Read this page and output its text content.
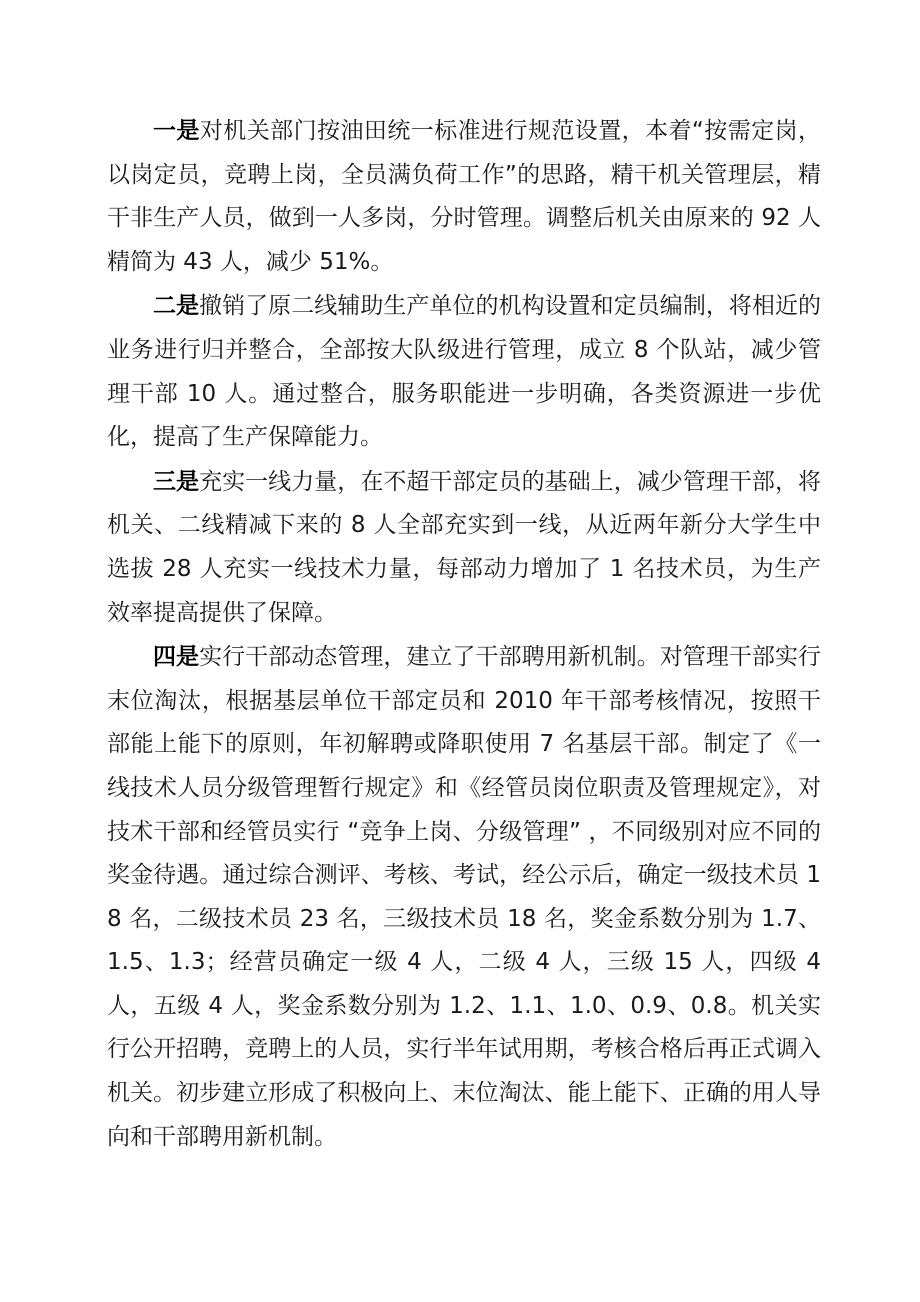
一是对机关部门按油田统一标准进行规范设置，本着“按需定岗，以岗定员，竞聘上岗，全员满负荷工作”的思路，精干机关管理层，精干非生产人员，做到一人多岗，分时管理。调整后机关由原来的 92 人精简为 43 人，减少 51%。

二是撤销了原二线辅助生产单位的机构设置和定员编制，将相近的业务进行归并整合，全部按大队级进行管理，成立 8 个队站，减少管理干部 10 人。通过整合，服务职能进一步明确，各类资源进一步优化，提高了生产保障能力。

三是充实一线力量，在不超干部定员的基础上，减少管理干部，将机关、二线精减下来的 8 人全部充实到一线，从近两年新分大学生中选拔 28 人充实一线技术力量，每部动力增加了 1 名技术员，为生产效率提高提供了保障。

四是实行干部动态管理，建立了干部聘用新机制。对管理干部实行末位淘汰，根据基层单位干部定员和 2010 年干部考核情况，按照干部能上能下的原则，年初解聘或降职使用 7 名基层干部。制定了《一线技术人员分级管理暂行规定》和《经管员岗位职责及管理规定》，对技术干部和经管员实行 “竞争上岗、分级管理” ，不同级别对应不同的奖金待遇。通过综合测评、考核、考试，经公示后，确定一级技术员 18 名，二级技术员 23 名，三级技术员 18 名，奖金系数分别为 1.7、1.5、1.3；经营员确定一级 4 人，二级 4 人，三级 15 人，四级 4 人，五级 4 人，奖金系数分别为 1.2、1.1、1.0、0.9、0.8。机关实行公开招聘，竞聘上的人员，实行半年试用期，考核合格后再正式调入机关。初步建立形成了积极向上、末位淘汰、能上能下、正确的用人导向和干部聘用新机制。
